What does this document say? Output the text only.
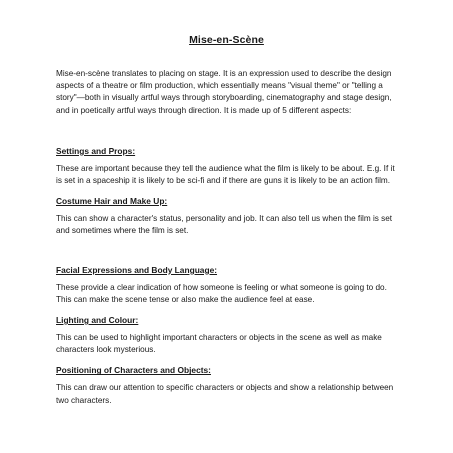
Mise-en-Scène

Mise-en-scène translates to placing on stage. It is an expression used to describe the design aspects of a theatre or film production, which essentially means "visual theme" or "telling a story"—both in visually artful ways through storyboarding, cinematography and stage design, and in poetically artful ways through direction. It is made up of 5 different aspects:

Settings and Props:

These are important because they tell the audience what the film is likely to be about. E.g. If it is set in a spaceship it is likely to be sci-fi and if there are guns it is likely to be an action film.

Costume Hair and Make Up:

This can show a character's status, personality and job. It can also tell us when the film is set and sometimes where the film is set.

Facial Expressions and Body Language:

These provide a clear indication of how someone is feeling or what someone is going to do. This can make the scene tense or also make the audience feel at ease.

Lighting and Colour:

This can be used to highlight important characters or objects in the scene as well as make characters look mysterious.

Positioning of Characters and Objects:

This can draw our attention to specific characters or objects and show a relationship between two characters.
